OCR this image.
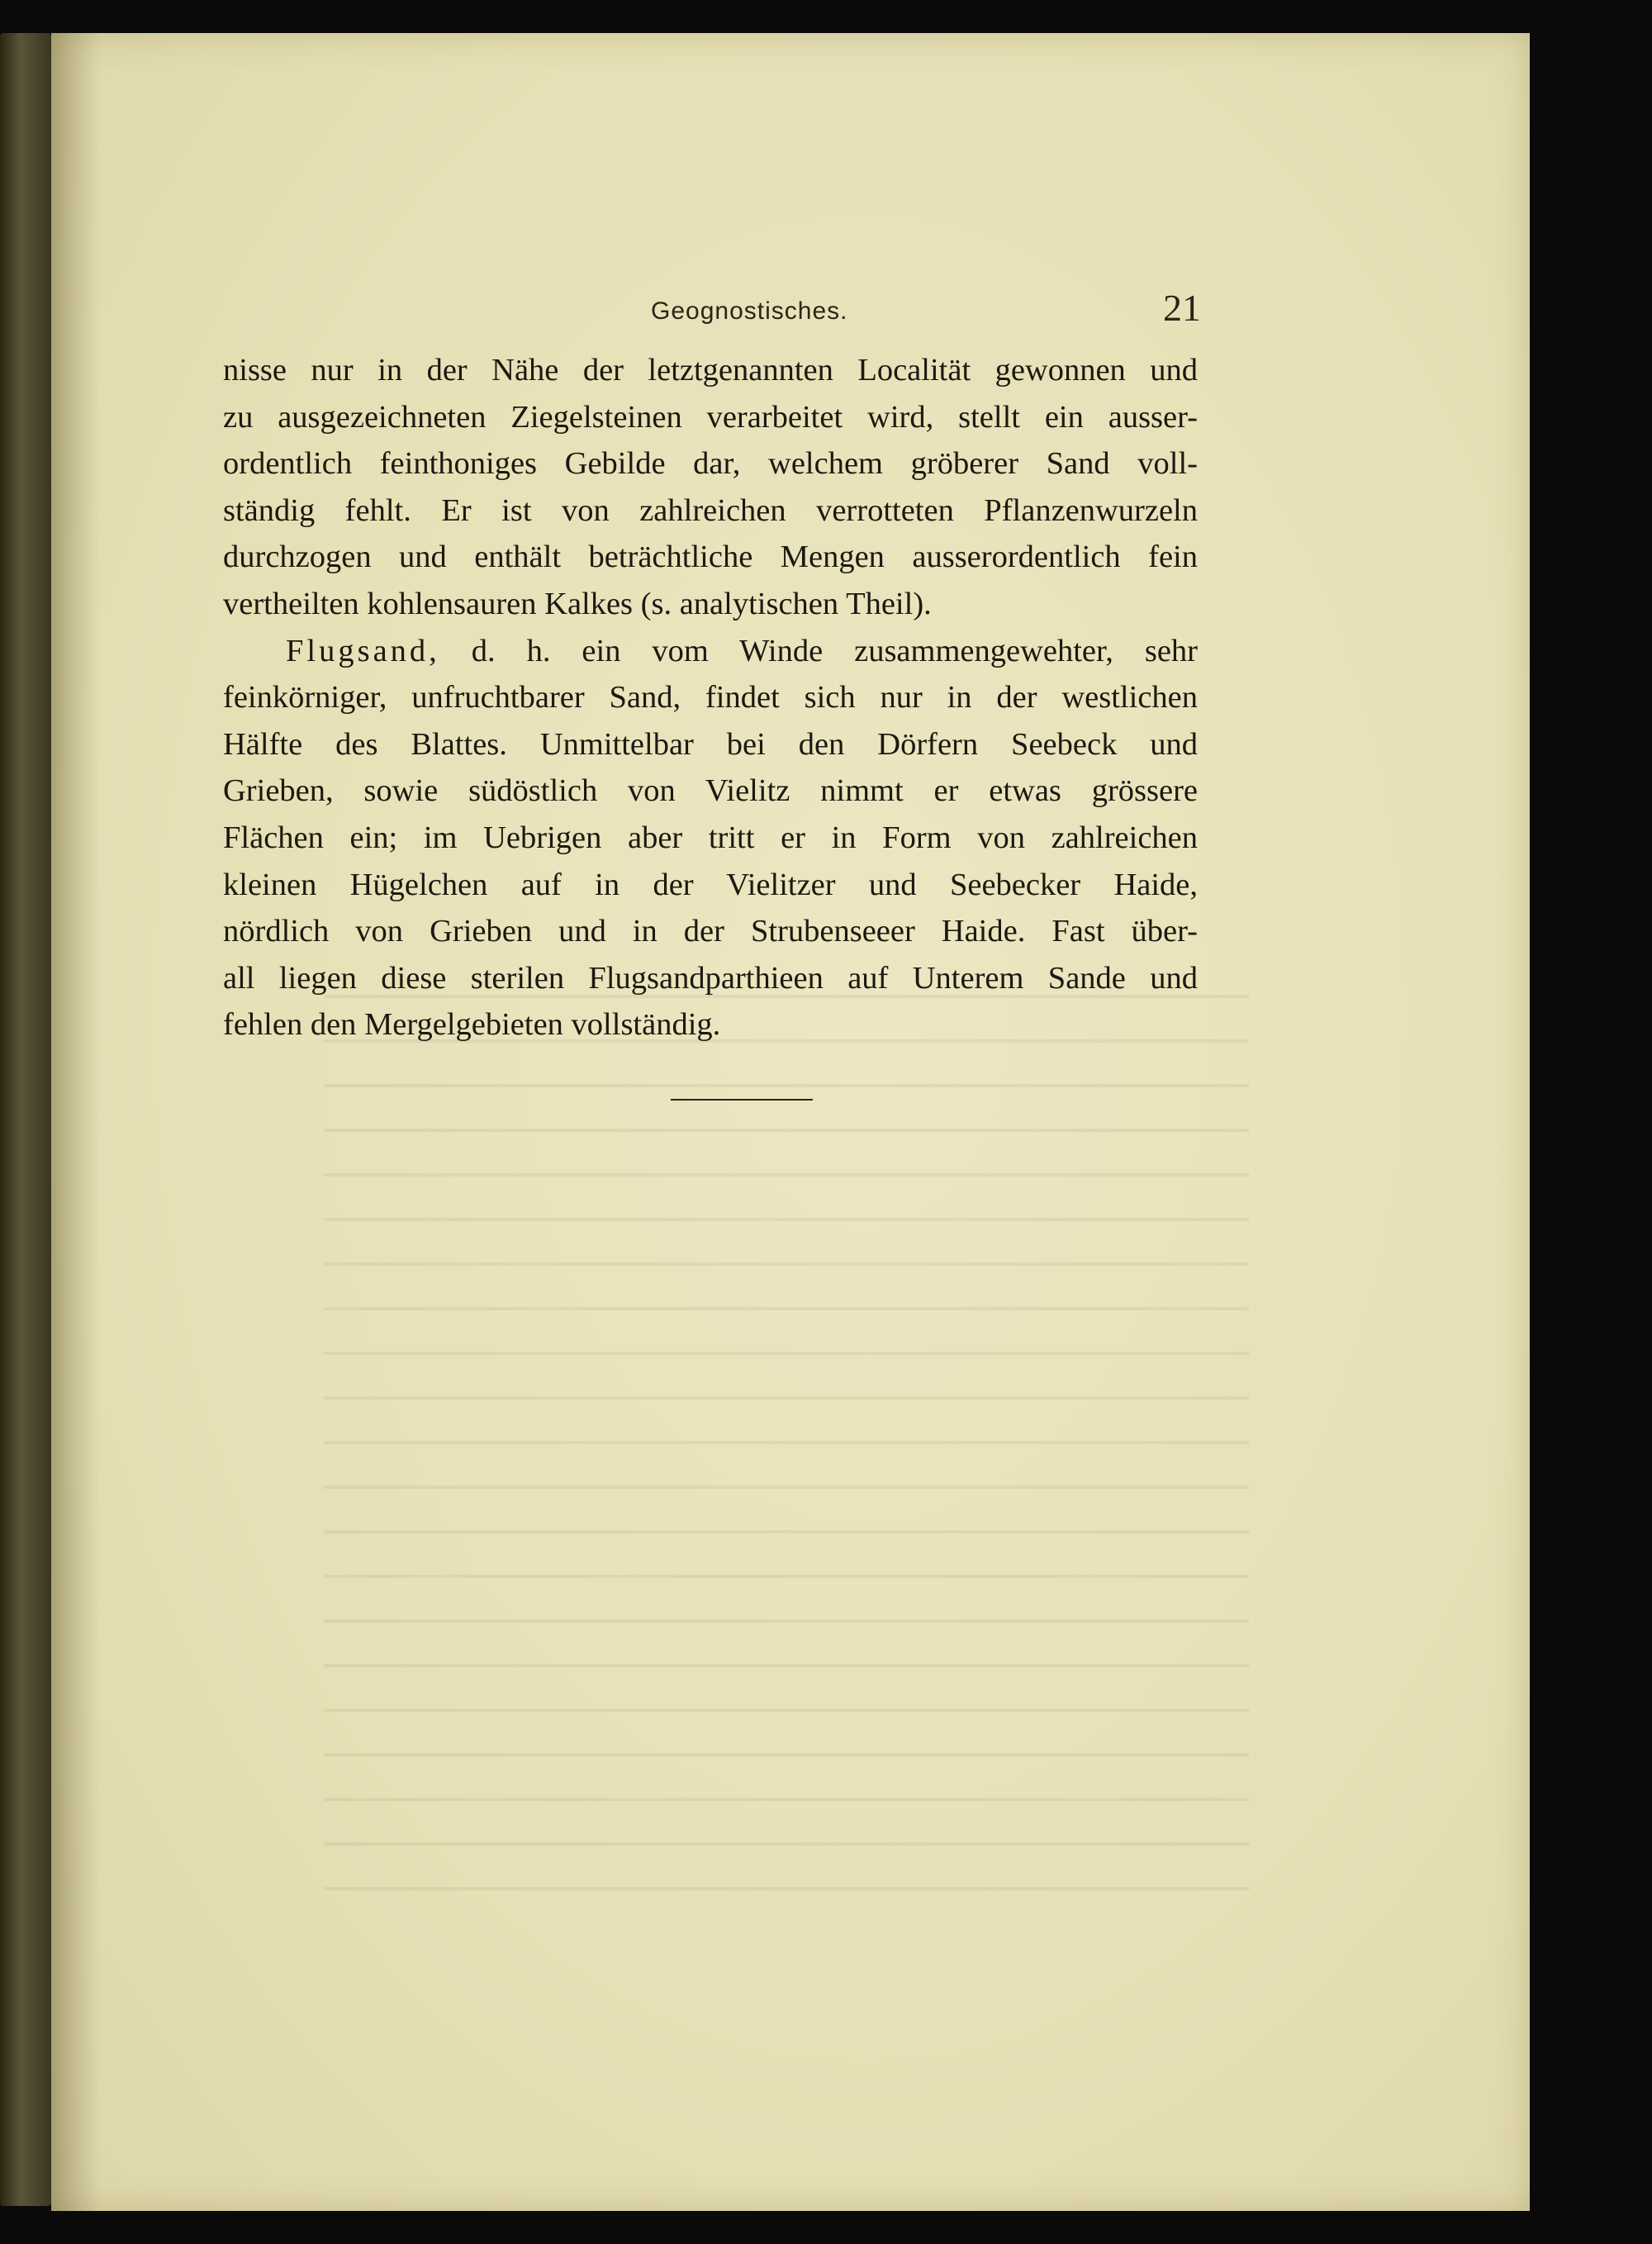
Geognostisches.	21

nisse nur in der Nähe der letztgenannten Localität gewonnen und
zu ausgezeichneten Ziegelsteinen verarbeitet wird, stellt ein ausser-
ordentlich feinthoniges Gebilde dar, welchem gröberer Sand voll-
ständig fehlt. Er ist von zahlreichen verrotteten Pflanzenwurzeln
durchzogen und enthält beträchtliche Mengen ausserordentlich fein
vertheilten kohlensauren Kalkes (s. analytischen Theil).

Flugsand, d. h. ein vom Winde zusammengewehter, sehr
feinkörniger, unfruchtbarer Sand, findet sich nur in der westlichen
Hälfte des Blattes. Unmittelbar bei den Dörfern Seebeck und
Grieben, sowie südöstlich von Vielitz nimmt er etwas grössere
Flächen ein; im Uebrigen aber tritt er in Form von zahlreichen
kleinen Hügelchen auf in der Vielitzer und Seebecker Haide,
nördlich von Grieben und in der Strubenseeer Haide. Fast über-
all liegen diese sterilen Flugsandparthieen auf Unterem Sande und
fehlen den Mergelgebieten vollständig.
